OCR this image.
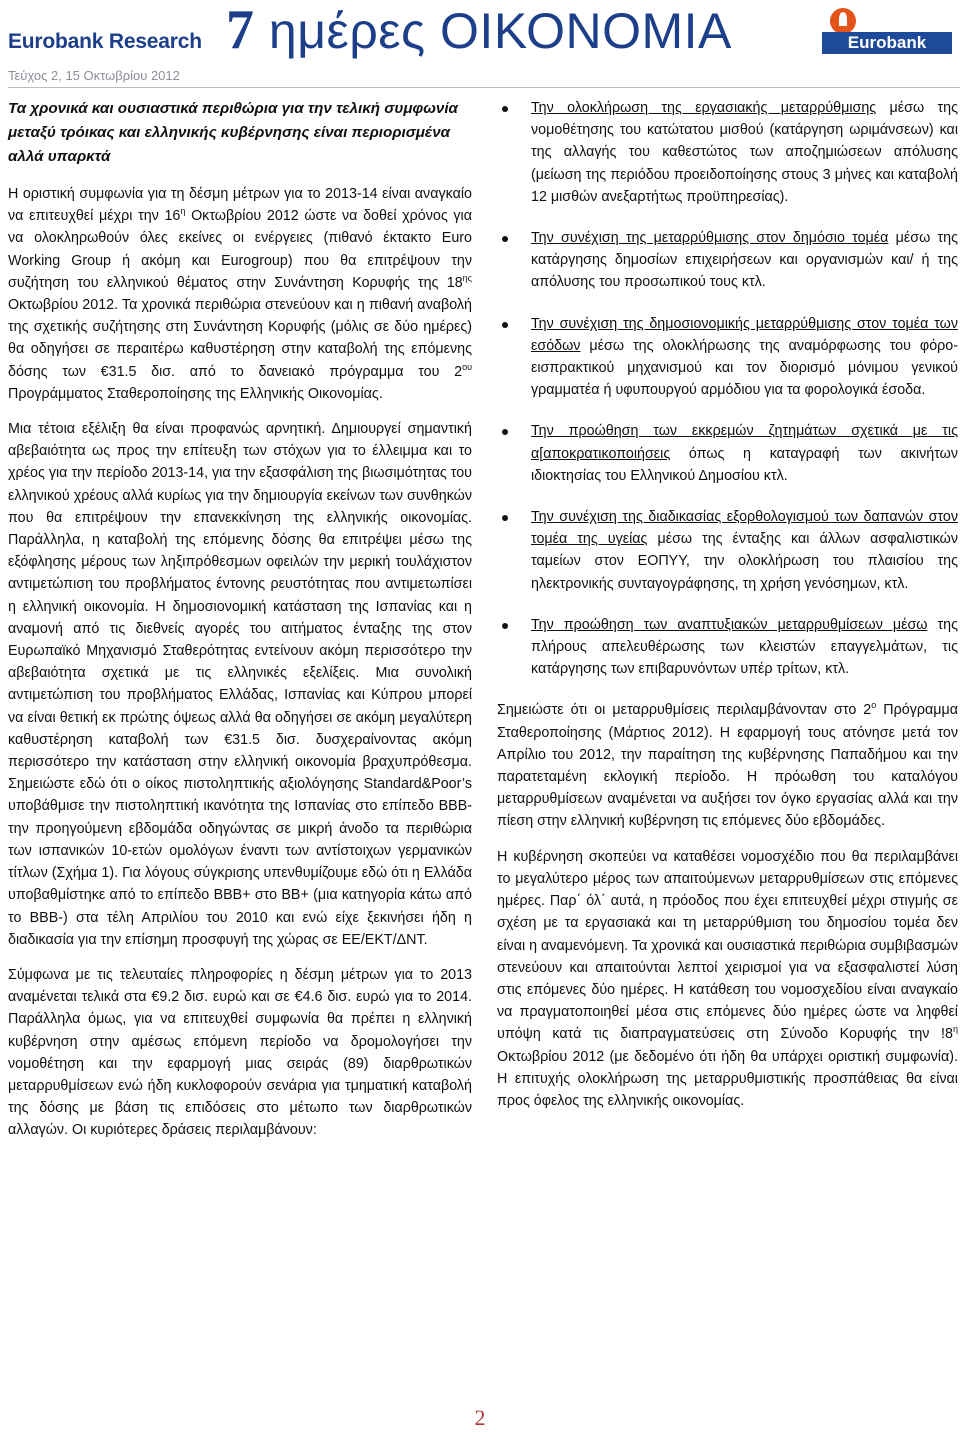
Eurobank Research 7 ημέρες ΟΙΚΟΝΟΜΙΑ	Eurobank
Τεύχος 2, 15 Οκτωβρίου 2012
Τα χρονικά και ουσιαστικά περιθώρια για την τελική συμφωνία μεταξύ τρόικας και ελληνικής κυβέρνησης είναι περιορισμένα αλλά υπαρκτά

Η οριστική συμφωνία για τη δέσμη μέτρων για το 2013-14 είναι αναγκαίο να επιτευχθεί μέχρι την $16^\eta$ Οκτωβρίου 2012 ώστε να δοθεί χρόνος για να ολοκληρωθούν όλες εκείνες οι ενέργειες (πιθανό έκτακτο Euro Working Group ή ακόμη και Eurogroup) που θα επιτρέψουν την συζήτηση του ελληνικού θέματος στην Συνάντηση Κορυφής της $18^{\eta\varsigma}$ Οκτωβρίου 2012. Τα χρονικά περιθώρια στενεύουν και η πιθανή αναβολή της σχετικής συζήτησης στη Συνάντηση Κορυφής (μόλις σε δύο ημέρες) θα οδηγήσει σε περαιτέρω καθυστέρηση στην καταβολή της επόμενης δόσης των €31.5 δισ. από το δανειακό πρόγραμμα του $2^{o\upsilon}$ Προγράμματος Σταθεροποίησης της Ελληνικής Οικονομίας.

Μια τέτοια εξέλιξη θα είναι προφανώς αρνητική. Δημιουργεί σημαντική αβεβαιότητα ως προς την επίτευξη των στόχων για το έλλειμμα και το χρέος για την περίοδο 2013-14, για την εξασφάλιση της βιωσιμότητας του ελληνικού χρέους αλλά κυρίως για την δημιουργία εκείνων των συνθηκών που θα επιτρέψουν την επανεκκίνηση της ελληνικής οικονομίας. Παράλληλα, η καταβολή της επόμενης δόσης θα επιτρέψει μέσω της εξόφλησης μέρους των ληξιπρόθεσμων οφειλών την μερική τουλάχιστον αντιμετώπιση του προβλήματος έντονης ρευστότητας που αντιμετωπίσει η ελληνική οικονομία. Η δημοσιονομική κατάσταση της Ισπανίας και η αναμονή από τις διεθνείς αγορές του αιτήματος ένταξης της στον Ευρωπαϊκό Μηχανισμό Σταθερότητας εντείνουν ακόμη περισσότερο την αβεβαιότητα σχετικά με τις ελληνικές εξελίξεις. Μια συνολική αντιμετώπιση του προβλήματος Ελλάδας, Ισπανίας και Κύπρου μπορεί να είναι θετική εκ πρώτης όψεως αλλά θα οδηγήσει σε ακόμη μεγαλύτερη καθυστέρηση καταβολή των €31.5 δισ. δυσχεραίνοντας ακόμη περισσότερο την κατάσταση στην ελληνική οικονομία βραχυπρόθεσμα. Σημειώστε εδώ ότι ο οίκος πιστοληπτικής αξιολόγησης Standard&Poor’s υποβάθμισε την πιστοληπτική ικανότητα της Ισπανίας στο επίπεδο BBB- την προηγούμενη εβδομάδα οδηγώντας σε μικρή άνοδο τα περιθώρια των ισπανικών 10-ετών ομολόγων έναντι των αντίστοιχων γερμανικών τίτλων (Σχήμα 1). Για λόγους σύγκρισης υπενθυμίζουμε εδώ ότι η Ελλάδα υποβαθμίστηκε από το επίπεδο BBB+ στο BB+ (μια κατηγορία κάτω από το BBB-) στα τέλη Απριλίου του 2010 και ενώ είχε ξεκινήσει ήδη η διαδικασία για την επίσημη προσφυγή της χώρας σε ΕΕ/ΕΚΤ/ΔΝΤ.

Σύμφωνα με τις τελευταίες πληροφορίες η δέσμη μέτρων για το 2013 αναμένεται τελικά στα €9.2 δισ. ευρώ και σε €4.6 δισ. ευρώ για το 2014. Παράλληλα όμως, για να επιτευχθεί συμφωνία θα πρέπει η ελληνική κυβέρνηση στην αμέσως επόμενη περίοδο να δρομολογήσει την νομοθέτηση και την εφαρμογή μιας σειράς (89) διαρθρωτικών μεταρρυθμίσεων ενώ ήδη κυκλοφορούν σενάρια για τμηματική καταβολή της δόσης με βάση τις επιδόσεις στο μέτωπο των διαρθρωτικών αλλαγών. Οι κυριότερες δράσεις περιλαμβάνουν:

Την ολοκλήρωση της εργασιακής μεταρρύθμισης μέσω της νομοθέτησης του κατώτατου μισθού (κατάργηση ωριμάνσεων) και της αλλαγής του καθεστώτος των αποζημιώσεων απόλυσης (μείωση της περιόδου προειδοποίησης στους 3 μήνες και καταβολή 12 μισθών ανεξαρτήτως προϋπηρεσίας).
Την συνέχιση της μεταρρύθμισης στον δημόσιο τομέα μέσω της κατάργησης δημοσίων επιχειρήσεων και οργανισμών και/ ή της απόλυσης του προσωπικού τους κτλ.
Την συνέχιση της δημοσιονομικής μεταρρύθμισης στον τομέα των εσόδων μέσω της ολοκλήρωσης της αναμόρφωσης του φόρο-εισπρακτικού μηχανισμού και τον διορισμό μόνιμου γενικού γραμματέα ή υφυπουργού αρμόδιου για τα φορολογικά έσοδα.
Την προώθηση των εκκρεμών ζητημάτων σχετικά με τις α[αποκρατικοποιήσεις όπως η καταγραφή των ακινήτων ιδιοκτησίας του Ελληνικού Δημοσίου κτλ.
Την συνέχιση της διαδικασίας εξορθολογισμού των δαπανών στον τομέα της υγείας μέσω της ένταξης και άλλων ασφαλιστικών ταμείων στον ΕΟΠΥΥ, την ολοκλήρωση του πλαισίου της ηλεκτρονικής συνταγογράφησης, τη χρήση γενόσημων, κτλ.
Την προώθηση των αναπτυξιακών μεταρρυθμίσεων μέσω της πλήρους απελευθέρωσης των κλειστών επαγγελμάτων, τις κατάργησης των επιβαρυνόντων υπέρ τρίτων, κτλ.

Σημειώστε ότι οι μεταρρυθμίσεις περιλαμβάνονταν στο $2^o$ Πρόγραμμα Σταθεροποίησης (Μάρτιος 2012). Η εφαρμογή τους ατόνησε μετά τον Απρίλιο του 2012, την παραίτηση της κυβέρνησης Παπαδήμου και την παρατεταμένη εκλογική περίοδο. Η πρόωθση του καταλόγου μεταρρυθμίσεων αναμένεται να αυξήσει τον όγκο εργασίας αλλά και την πίεση στην ελληνική κυβέρνηση τις επόμενες δύο εβδομάδες.

Η κυβέρνηση σκοπεύει να καταθέσει νομοσχέδιο που θα περιλαμβάνει το μεγαλύτερο μέρος των απαιτούμενων μεταρρυθμίσεων στις επόμενες ημέρες. Παρ΄ όλ΄ αυτά, η πρόοδος που έχει επιτευχθεί μέχρι στιγμής σε σχέση με τα εργασιακά και τη μεταρρύθμιση του δημοσίου τομέα δεν είναι η αναμενόμενη. Τα χρονικά και ουσιαστικά περιθώρια συμβιβασμών στενεύουν και απαιτούνται λεπτοί χειρισμοί για να εξασφαλιστεί λύση στις επόμενες δύο ημέρες. Η κατάθεση του νομοσχεδίου είναι αναγκαίο να πραγματοποιηθεί μέσα στις επόμενες δύο ημέρες ώστε να ληφθεί υπόψη κατά τις διαπραγματεύσεις στη Σύνοδο Κορυφής την $!8^\eta$ Οκτωβρίου 2012 (με δεδομένο ότι ήδη θα υπάρχει οριστική συμφωνία). Η επιτυχής ολοκλήρωση της μεταρρυθμιστικής προσπάθειας θα είναι προς όφελος της ελληνικής οικονομίας.

2
